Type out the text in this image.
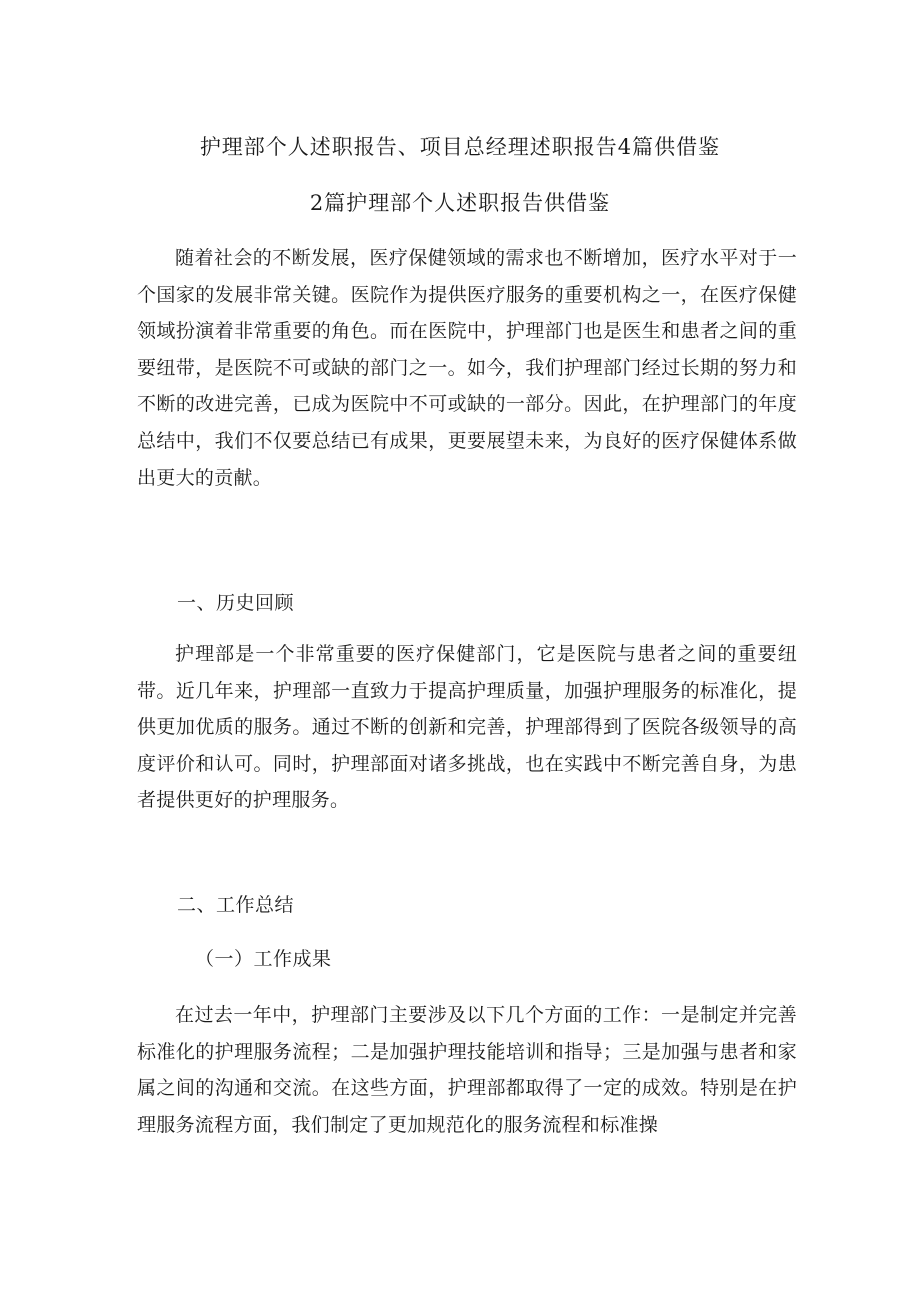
护理部个人述职报告、项目总经理述职报告4篇供借鉴
2篇护理部个人述职报告供借鉴

随着社会的不断发展，医疗保健领域的需求也不断增加，医疗水平对于一个国家的发展非常关键。医院作为提供医疗服务的重要机构之一，在医疗保健领域扮演着非常重要的角色。而在医院中，护理部门也是医生和患者之间的重要纽带，是医院不可或缺的部门之一。如今，我们护理部门经过长期的努力和不断的改进完善，已成为医院中不可或缺的一部分。因此，在护理部门的年度总结中，我们不仅要总结已有成果，更要展望未来，为良好的医疗保健体系做出更大的贡献。

一、历史回顾

护理部是一个非常重要的医疗保健部门，它是医院与患者之间的重要纽带。近几年来，护理部一直致力于提高护理质量，加强护理服务的标准化，提供更加优质的服务。通过不断的创新和完善，护理部得到了医院各级领导的高度评价和认可。同时，护理部面对诸多挑战，也在实践中不断完善自身，为患者提供更好的护理服务。

二、工作总结
（一）工作成果

在过去一年中，护理部门主要涉及以下几个方面的工作：一是制定并完善标准化的护理服务流程；二是加强护理技能培训和指导；三是加强与患者和家属之间的沟通和交流。在这些方面，护理部都取得了一定的成效。特别是在护理服务流程方面，我们制定了更加规范化的服务流程和标准操
